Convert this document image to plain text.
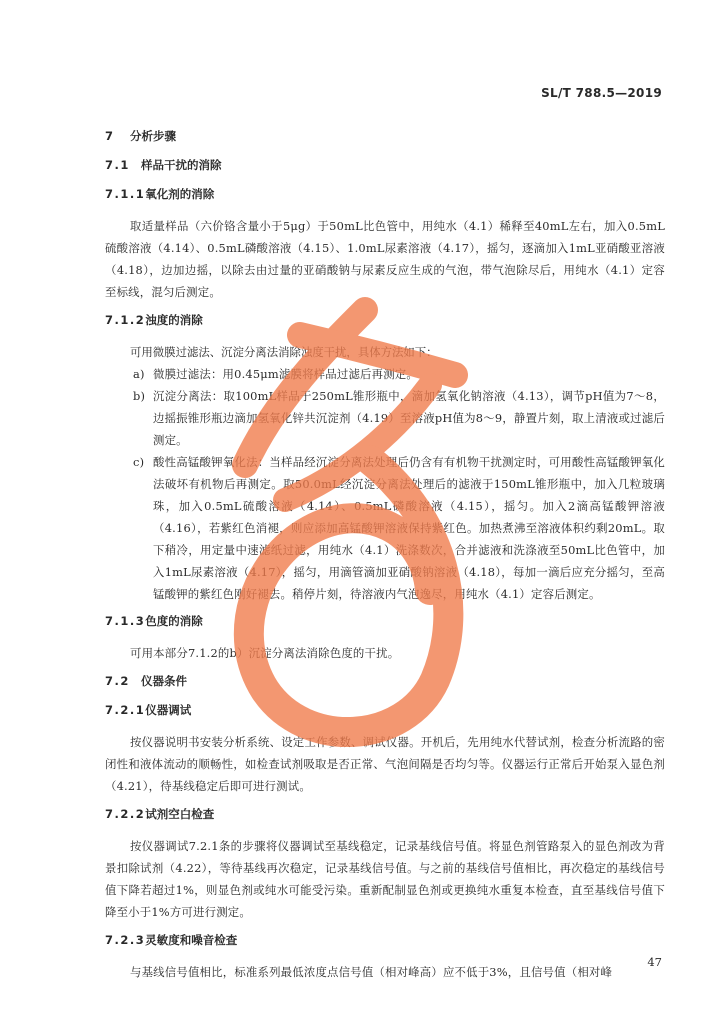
SL/T 788.5—2019
7 分析步骤
7.1 样品干扰的消除
7.1.1氧化剂的消除
取适量样品（六价铬含量小于5μg）于50mL比色管中，用纯水（4.1）稀释至40mL左右，加入0.5mL硫酸溶液（4.14）、0.5mL磷酸溶液（4.15）、1.0mL尿素溶液（4.17），摇匀，逐滴加入1mL亚硝酸亚溶液（4.18），边加边摇，以除去由过量的亚硝酸钠与尿素反应生成的气泡，带气泡除尽后，用纯水（4.1）定容至标线，混匀后测定。
7.1.2浊度的消除
可用微膜过滤法、沉淀分离法消除浊度干扰，具体方法如下：
a) 微膜过滤法：用0.45μm滤膜将样品过滤后再测定。
b) 沉淀分离法：取100mL样品于250mL锥形瓶中，滴加氢氧化钠溶液（4.13），调节pH值为7～8，边摇振锥形瓶边滴加氢氧化锌共沉淀剂（4.19）至溶液pH值为8～9，静置片刻，取上清液或过滤后测定。
c) 酸性高锰酸钾氧化法：当样品经沉淀分离法处理后仍含有有机物干扰测定时，可用酸性高锰酸钾氧化法破坏有机物后再测定。取50.0mL经沉淀分离法处理后的滤液于150mL锥形瓶中，加入几粒玻璃珠，加入0.5mL硫酸溶液（4.14）、0.5mL磷酸溶液（4.15），摇匀。加入2滴高锰酸钾溶液（4.16），若紫红色消褪，则应添加高锰酸钾溶液保持紫红色。加热煮沸至溶液体积约剩20mL。取下稍冷，用定量中速滤纸过滤，用纯水（4.1）洗涤数次，合并滤液和洗涤液至50mL比色管中，加入1mL尿素溶液（4.17），摇匀，用滴管滴加亚硝酸钠溶液（4.18），每加一滴后应充分摇匀，至高锰酸钾的紫红色刚好褪去。稍停片刻，待溶液内气泡逸尽，用纯水（4.1）定容后测定。
7.1.3色度的消除
可用本部分7.1.2的b）沉淀分离法消除色度的干扰。
7.2 仪器条件
7.2.1仪器调试
按仪器说明书安装分析系统、设定工作参数、调试仪器。开机后，先用纯水代替试剂，检查分析流路的密闭性和液体流动的顺畅性，如检查试剂吸取是否正常、气泡间隔是否均匀等。仪器运行正常后开始泵入显色剂（4.21），待基线稳定后即可进行测试。
7.2.2试剂空白检查
按仪器调试7.2.1条的步骤将仪器调试至基线稳定，记录基线信号值。将显色剂管路泵入的显色剂改为背景扣除试剂（4.22），等待基线再次稳定，记录基线信号值。与之前的基线信号值相比，再次稳定的基线信号值下降若超过1%，则显色剂或纯水可能受污染。重新配制显色剂或更换纯水重复本检查，直至基线信号值下降至小于1%方可进行测定。
7.2.3灵敏度和噪音检查
与基线信号值相比，标准系列最低浓度点信号值（相对峰高）应不低于3%，且信号值（相对峰
47
